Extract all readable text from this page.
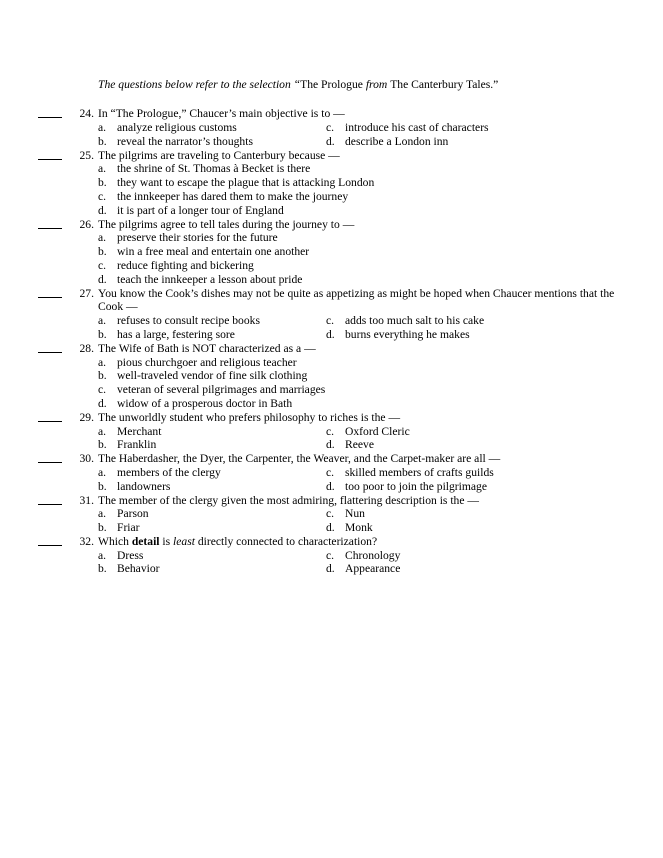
The questions below refer to the selection “The Prologue from The Canterbury Tales.”
24. In “The Prologue,” Chaucer’s main objective is to —
a. analyze religious customs	c. introduce his cast of characters
b. reveal the narrator’s thoughts	d. describe a London inn
25. The pilgrims are traveling to Canterbury because —
a. the shrine of St. Thomas à Becket is there
b. they want to escape the plague that is attacking London
c. the innkeeper has dared them to make the journey
d. it is part of a longer tour of England
26. The pilgrims agree to tell tales during the journey to —
a. preserve their stories for the future
b. win a free meal and entertain one another
c. reduce fighting and bickering
d. teach the innkeeper a lesson about pride
27. You know the Cook’s dishes may not be quite as appetizing as might be hoped when Chaucer mentions that the Cook —
a. refuses to consult recipe books	c. adds too much salt to his cake
b. has a large, festering sore	d. burns everything he makes
28. The Wife of Bath is NOT characterized as a —
a. pious churchgoer and religious teacher
b. well-traveled vendor of fine silk clothing
c. veteran of several pilgrimages and marriages
d. widow of a prosperous doctor in Bath
29. The unworldly student who prefers philosophy to riches is the —
a. Merchant	c. Oxford Cleric
b. Franklin	d. Reeve
30. The Haberdasher, the Dyer, the Carpenter, the Weaver, and the Carpet-maker are all —
a. members of the clergy	c. skilled members of crafts guilds
b. landowners	d. too poor to join the pilgrimage
31. The member of the clergy given the most admiring, flattering description is the —
a. Parson	c. Nun
b. Friar	d. Monk
32. Which detail is least directly connected to characterization?
a. Dress	c. Chronology
b. Behavior	d. Appearance
